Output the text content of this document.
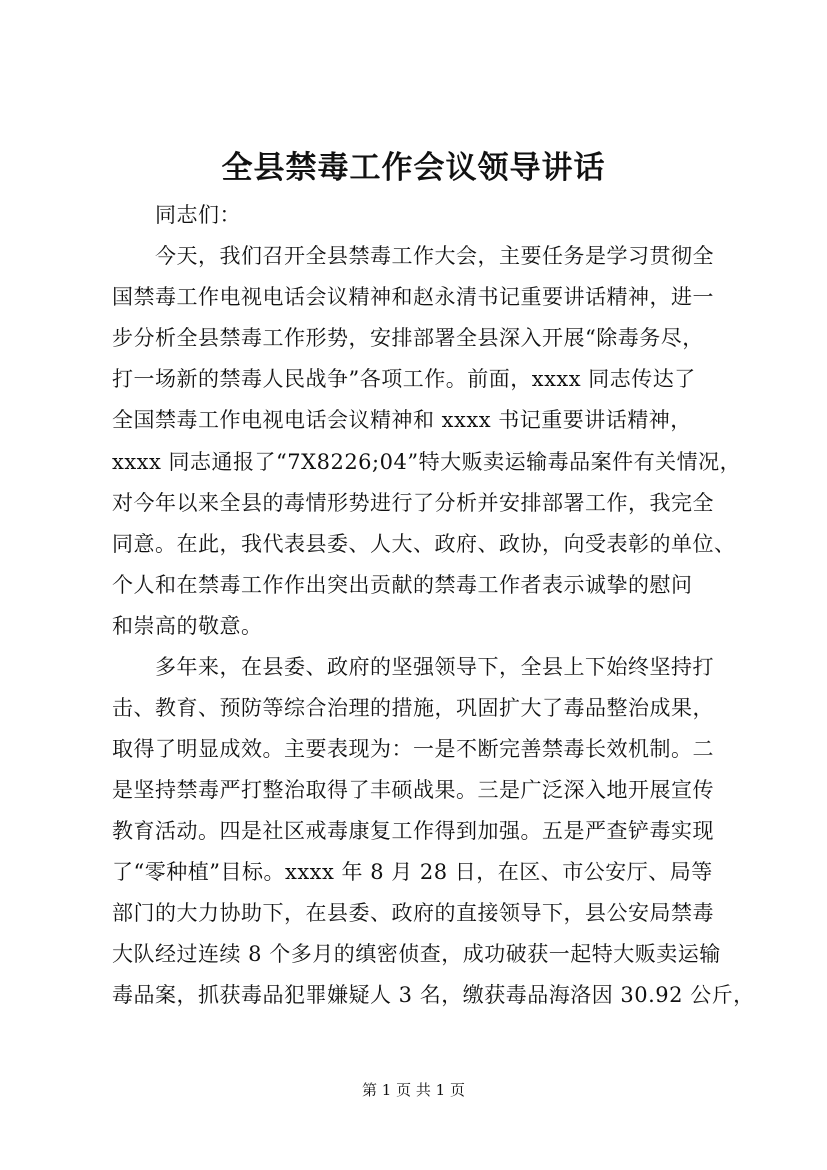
全县禁毒工作会议领导讲话
同志们：
今天，我们召开全县禁毒工作大会，主要任务是学习贯彻全
国禁毒工作电视电话会议精神和赵永清书记重要讲话精神，进一
步分析全县禁毒工作形势，安排部署全县深入开展“除毒务尽，
打一场新的禁毒人民战争”各项工作。前面，xxxx 同志传达了
全国禁毒工作电视电话会议精神和 xxxx 书记重要讲话精神，
xxxx 同志通报了“7X8226;04”特大贩卖运输毒品案件有关情况，
对今年以来全县的毒情形势进行了分析并安排部署工作，我完全
同意。在此，我代表县委、人大、政府、政协，向受表彰的单位、
个人和在禁毒工作作出突出贡献的禁毒工作者表示诚挚的慰问
和崇高的敬意。
多年来，在县委、政府的坚强领导下，全县上下始终坚持打
击、教育、预防等综合治理的措施，巩固扩大了毒品整治成果，
取得了明显成效。主要表现为：一是不断完善禁毒长效机制。二
是坚持禁毒严打整治取得了丰硕战果。三是广泛深入地开展宣传
教育活动。四是社区戒毒康复工作得到加强。五是严查铲毒实现
了“零种植”目标。xxxx 年 8 月 28 日，在区、市公安厅、局等
部门的大力协助下，在县委、政府的直接领导下，县公安局禁毒
大队经过连续 8 个多月的缜密侦查，成功破获一起特大贩卖运输
毒品案，抓获毒品犯罪嫌疑人 3 名，缴获毒品海洛因 30.92 公斤，
第 1 页 共 1 页
